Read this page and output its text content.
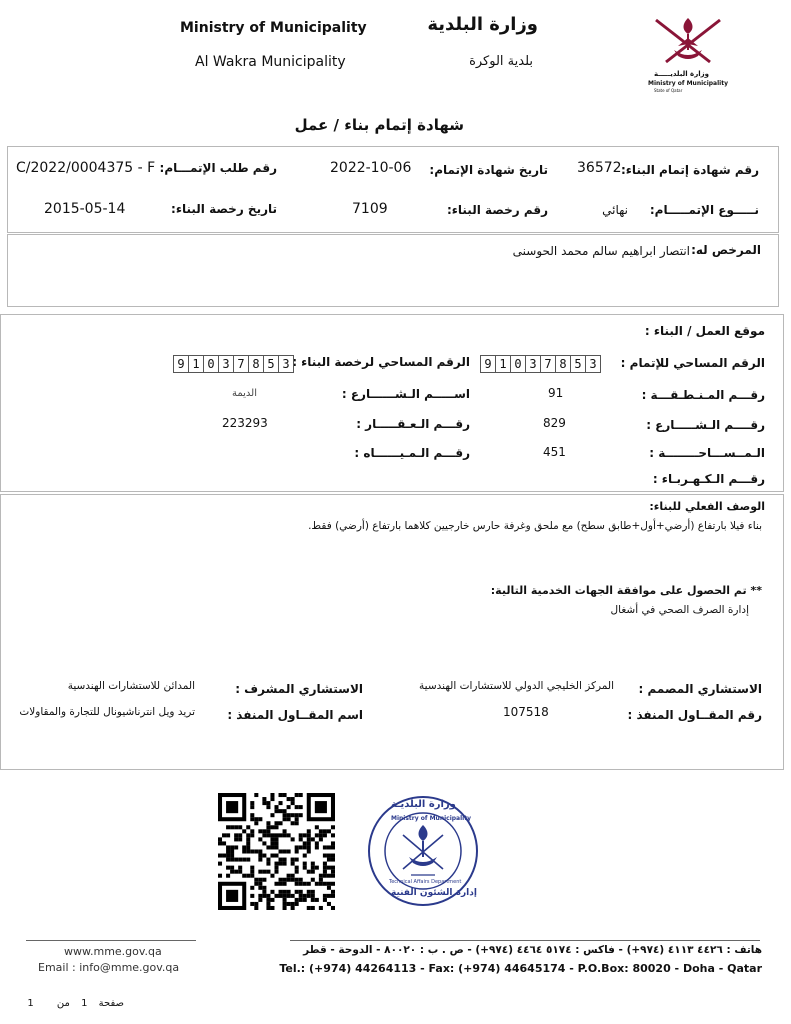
Ministry of Municipality
Al Wakra Municipality
وزارة البلدية
بلدية الوكرة
وزارة البلديـــــة
Ministry of Municipality
State of Qatar
شهادة إتمام بناء / عمل
رقم شهادة إتمام البناء:
36572
تاريخ شهادة الإتمام:
2022-10-06
رقم طلب الإتمـــام:
C/2022/0004375 - F
نـــــوع الإتمـــــام:
نهائي
رقم رخصة البناء:
7109
تاريخ رخصة البناء:
2015-05-14
المرخص له:
انتصار ابراهيم سالم محمد الحوسنى
موقع العمل / البناء :
الرقم المساحي للإتمام :
9 1 0 3 7 8 5 3
الرقم المساحي لرخصة البناء :
9 1 0 3 7 8 5 3
رقـــم المـنـطـقـــة :
91
اســـــم الـشــــــارع :
الديمة
رقــــم الـشـــــارع :
829
رقـــم الـعـقـــــار :
223293
الـمــســـاحــــــــة :
451
رقـــم الـمـيــــــاه :
رقـــم الـكـهـربـاء :
الوصف الفعلي للبناء:
بناء فيلا بارتفاع (أرضي+أول+طابق سطح) مع ملحق وغرفة حارس خارجيين كلاهما بارتفاع (أرضي) فقط.
** تم الحصول على موافقة الجهات الخدمية التالية:
إدارة الصرف الصحي في أشغال
الاستشاري المصمم :
المركز الخليجي الدولي للاستشارات الهندسية
الاستشاري المشرف :
المدائن للاستشارات الهندسية
رقم المقــاول المنفذ :
107518
اسم المقــاول المنفذ :
تريد ويل انترناشيونال للتجارة والمقاولات
وزارة البلديـة
Ministry of Municipality
Technical Affairs Department
إدارة الشئون الفنية
www.mme.gov.qa
Email : info@mme.gov.qa
هاتف : ٤٤٢٦ ٤١١٣ (٩٧٤+) - فاكس : ٥١٧٤ ٤٤٦٤ (٩٧٤+) - ص . ب : ٨٠٠٢٠ - الدوحة - قطر
Tel.: (+974) 44264113 - Fax: (+974) 44645174 - P.O.Box: 80020 - Doha - Qatar
صفحة 1 من 1
